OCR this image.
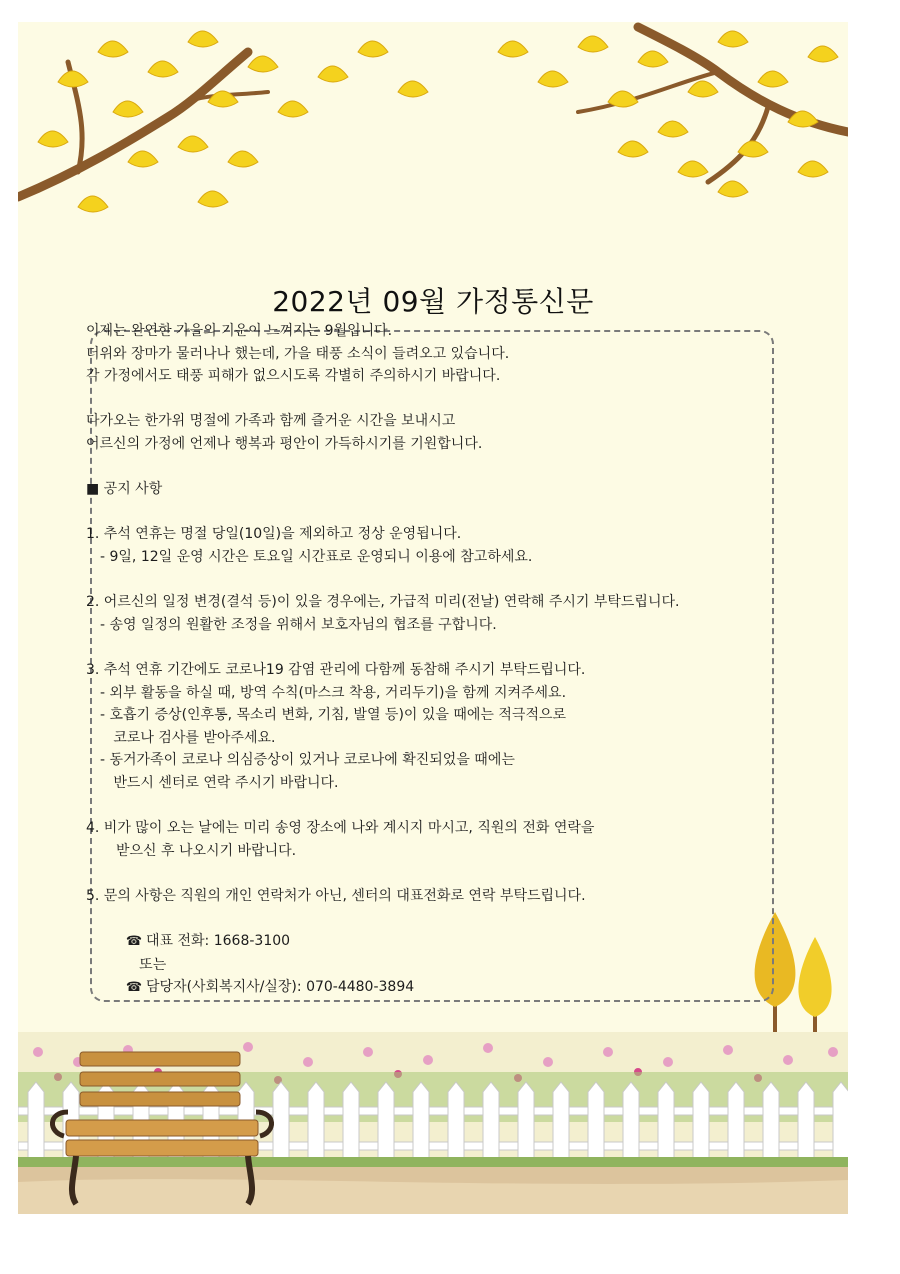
2022년 09월 가정통신문

이제는 완연한 가을의 기운이 느껴지는 9월입니다.

더위와 장마가 물러나나 했는데, 가을 태풍 소식이 들려오고 있습니다.

각 가정에서도 태풍 피해가 없으시도록 각별히 주의하시기 바랍니다.

다가오는 한가위 명절에 가족과 함께 즐거운 시간을 보내시고

어르신의 가정에 언제나 행복과 평안이 가득하시기를 기원합니다.

■ 공지 사항

1. 추석 연휴는 명절 당일(10일)을 제외하고 정상 운영됩니다.

- 9일, 12일 운영 시간은 토요일 시간표로 운영되니 이용에 참고하세요.

2. 어르신의 일정 변경(결석 등)이 있을 경우에는, 가급적 미리(전날) 연락해 주시기 부탁드립니다.

- 송영 일정의 원활한 조정을 위해서 보호자님의 협조를 구합니다.

3. 추석 연휴 기간에도 코로나19 감염 관리에 다함께 동참해 주시기 부탁드립니다.

- 외부 활동을 하실 때, 방역 수칙(마스크 착용, 거리두기)을 함께 지켜주세요.

- 호흡기 증상(인후통, 목소리 변화, 기침, 발열 등)이 있을 때에는 적극적으로

코로나 검사를 받아주세요.

- 동거가족이 코로나 의심증상이 있거나 코로나에 확진되었을 때에는

반드시 센터로 연락 주시기 바랍니다.

4. 비가 많이 오는 날에는 미리 송영 장소에 나와 계시지 마시고, 직원의 전화 연락을

받으신 후 나오시기 바랍니다.

5. 문의 사항은 직원의 개인 연락처가 아닌, 센터의 대표전화로 연락 부탁드립니다.

☎ 대표 전화: 1668-3100
또는
☎ 담당자(사회복지사/실장): 070-4480-3894
